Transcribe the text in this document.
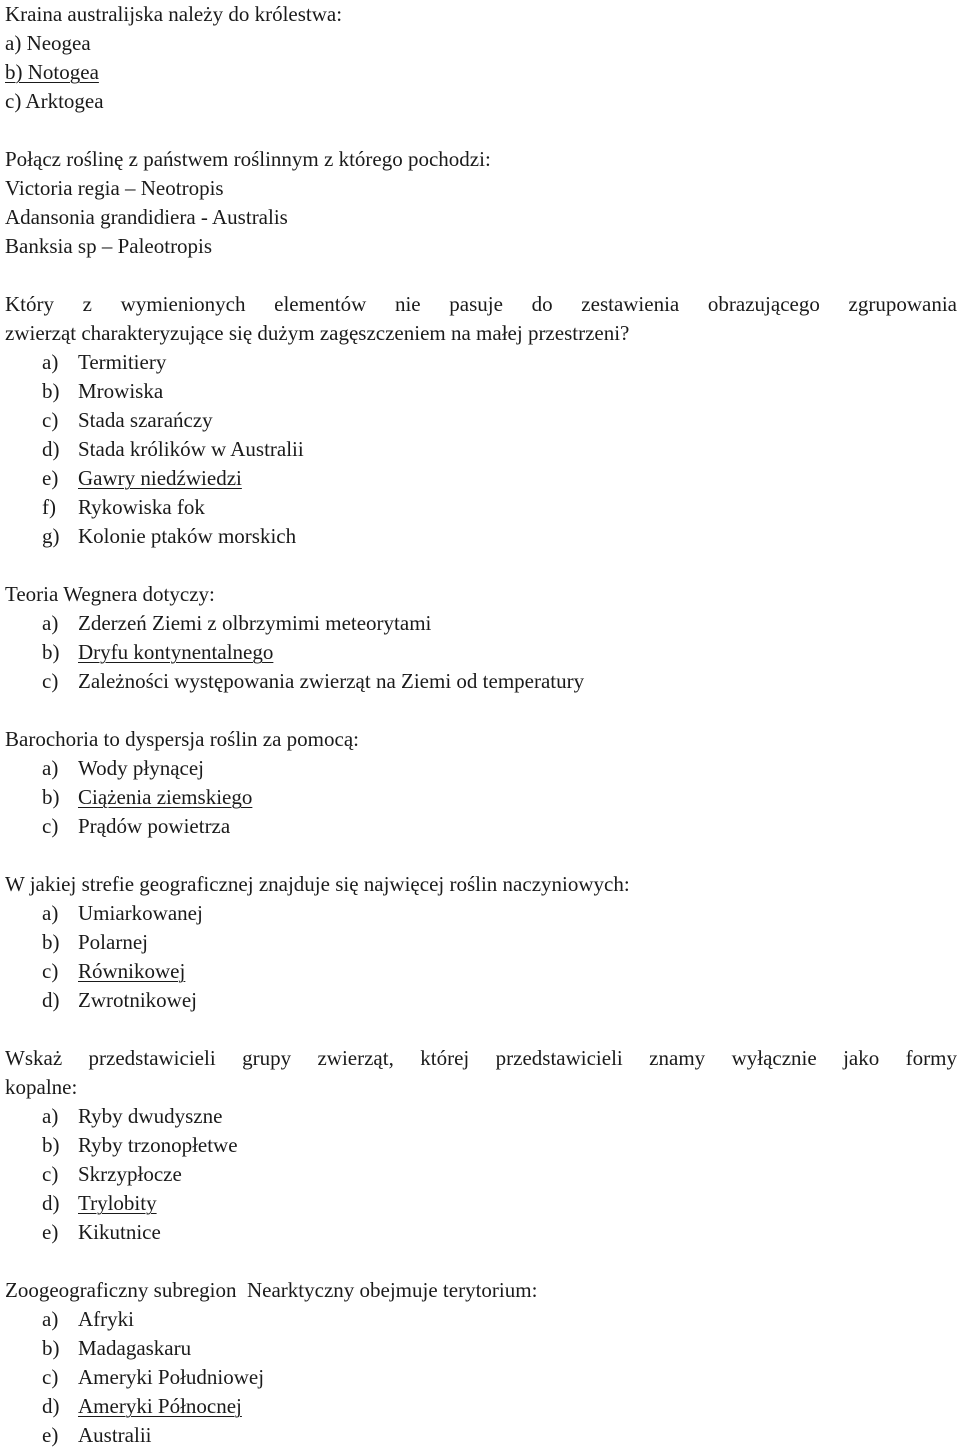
Kraina australijska należy do królestwa:
a) Neogea
b) Notogea
c) Arktogea
Połącz roślinę z państwem roślinnym z którego pochodzi:
Victoria regia – Neotropis
Adansonia grandidiera - Australis
Banksia sp – Paleotropis
Który z wymienionych elementów nie pasuje do zestawienia obrazującego zgrupowania
zwierząt charakteryzujące się dużym zagęszczeniem na małej przestrzeni?
a) Termitiery
b) Mrowiska
c) Stada szarańczy
d) Stada królików w Australii
e) Gawry niedźwiedzi
f) Rykowiska fok
g) Kolonie ptaków morskich
Teoria Wegnera dotyczy:
a) Zderzeń Ziemi z olbrzymimi meteorytami
b) Dryfu kontynentalnego
c) Zależności występowania zwierząt na Ziemi od temperatury
Barochoria to dyspersja roślin za pomocą:
a) Wody płynącej
b) Ciążenia ziemskiego
c) Prądów powietrza
W jakiej strefie geograficznej znajduje się najwięcej roślin naczyniowych:
a) Umiarkowanej
b) Polarnej
c) Równikowej
d) Zwrotnikowej
Wskaż przedstawicieli grupy zwierząt, której przedstawicieli znamy wyłącznie jako formy
kopalne:
a) Ryby dwudyszne
b) Ryby trzonopłetwe
c) Skrzypłocze
d) Trylobity
e) Kikutnice
Zoogeograficzny subregion  Nearktyczny obejmuje terytorium:
a) Afryki
b) Madagaskaru
c) Ameryki Południowej
d) Ameryki Północnej
e) Australii
